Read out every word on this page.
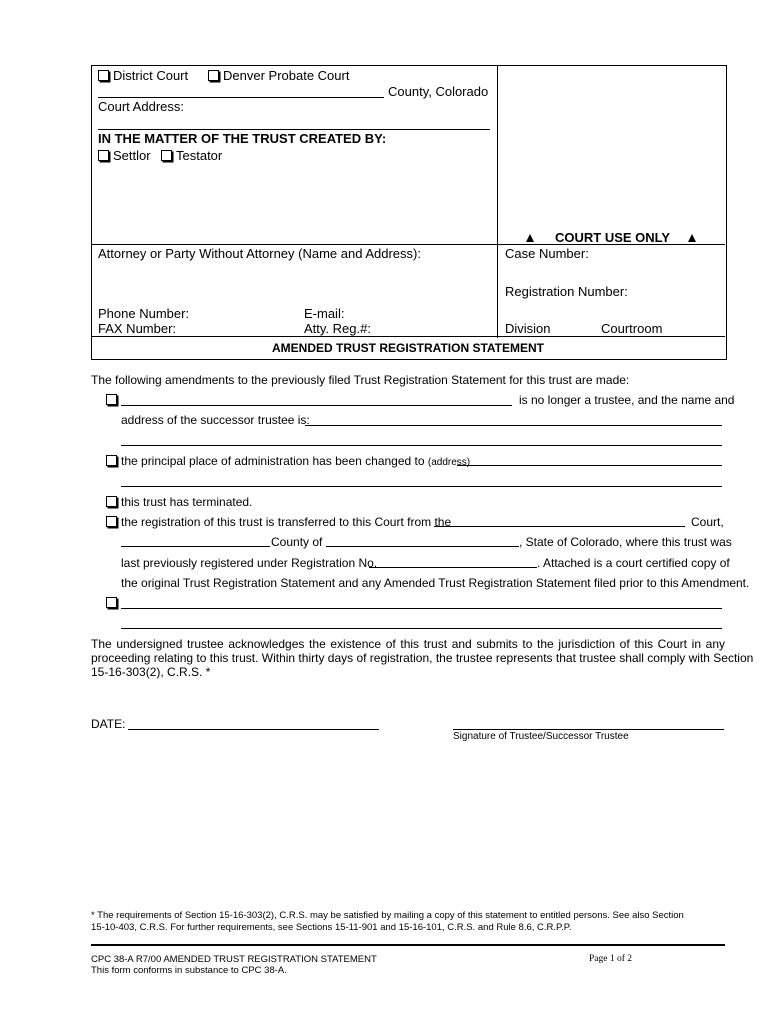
District Court	Denver Probate Court
County, Colorado
Court Address:
IN THE MATTER OF THE TRUST CREATED BY:
Settlor	Testator
COURT USE ONLY
Attorney or Party Without Attorney (Name and Address):	Case Number:
Registration Number:
Phone Number:	E-mail:
FAX Number:	Atty. Reg.#:	Division	Courtroom
AMENDED TRUST REGISTRATION STATEMENT
The following amendments to the previously filed Trust Registration Statement for this trust are made:
is no longer a trustee, and the name and
address of the successor trustee is:
the principal place of administration has been changed to (address)
this trust has terminated.
the registration of this trust is transferred to this Court from the	Court,
County of	, State of Colorado, where this trust was
last previously registered under Registration No.	. Attached is a court certified copy of
the original Trust Registration Statement and any Amended Trust Registration Statement filed prior to this Amendment.
The undersigned trustee acknowledges the existence of this trust and submits to the jurisdiction of this Court in any
proceeding relating to this trust. Within thirty days of registration, the trustee represents that trustee shall comply with Section
15-16-303(2), C.R.S. *
DATE:
Signature of Trustee/Successor Trustee
* The requirements of Section 15-16-303(2), C.R.S. may be satisfied by mailing a copy of this statement to entitled persons. See also Section
15-10-403, C.R.S. For further requirements, see Sections 15-11-901 and 15-16-101, C.R.S. and Rule 8.6, C.R.P.P.
CPC 38-A R7/00 AMENDED TRUST REGISTRATION STATEMENT	Page 1 of 2
This form conforms in substance to CPC 38-A.
